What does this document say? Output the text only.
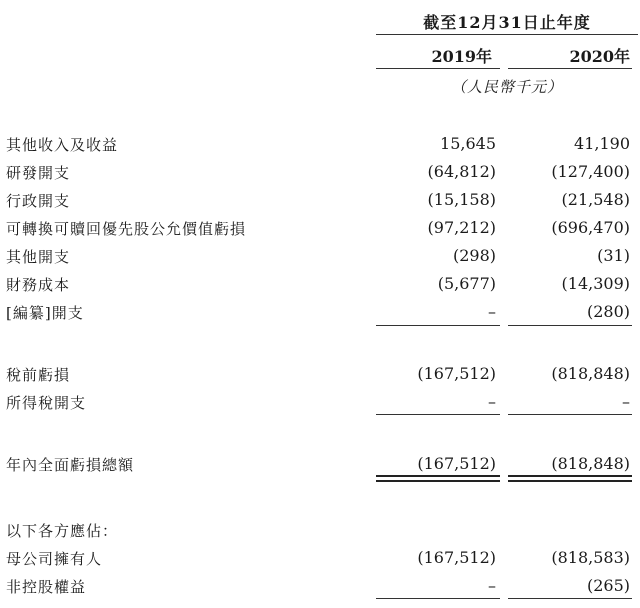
截至12月31日止年度
2019年	2020年
（人民幣千元）
其他收入及收益	15,645	41,190
研發開支	(64,812)	(127,400)
行政開支	(15,158)	(21,548)
可轉換可贖回優先股公允價值虧損	(97,212)	(696,470)
其他開支	(298)	(31)
財務成本	(5,677)	(14,309)
[編纂]開支	–	(280)
稅前虧損	(167,512)	(818,848)
所得稅開支	–	–
年內全面虧損總額	(167,512)	(818,848)
以下各方應佔：
母公司擁有人	(167,512)	(818,583)
非控股權益	–	(265)
